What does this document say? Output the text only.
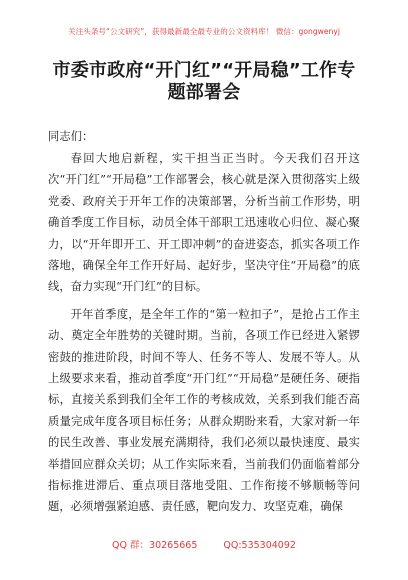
关注头条号“公文研究”，获得最新最全最专业的公文资料库！ 微信：gongwenyj
市委市政府“开门红”“开局稳”工作专题部署会

同志们：

春回大地启新程，实干担当正当时。今天我们召开这次“开门红”“开局稳”工作部署会，核心就是深入贯彻落实上级党委、政府关于开年工作的决策部署，分析当前工作形势，明确首季度工作目标，动员全体干部职工迅速收心归位、凝心聚力，以“开年即开工、开工即冲刺”的奋进姿态，抓实各项工作落地，确保全年工作开好局、起好步，坚决守住“开局稳”的底线，奋力实现“开门红”的目标。

开年首季度，是全年工作的“第一粒扣子”，是抢占工作主动、奠定全年胜势的关键时期。当前，各项工作已经进入紧锣密鼓的推进阶段，时间不等人、任务不等人、发展不等人。从上级要求来看，推动首季度“开门红”“开局稳”是硬任务、硬指标，直接关系到我们全年工作的考核成效，关系到我们能否高质量完成年度各项目标任务；从群众期盼来看，大家对新一年的民生改善、事业发展充满期待，我们必须以最快速度、最实举措回应群众关切；从工作实际来看，当前我们仍面临着部分指标推进滞后、重点项目落地受阻、工作衔接不够顺畅等问题，必须增强紧迫感、责任感，靶向发力、攻坚克难，确保

QQ 群：30265665	QQ:535304092
